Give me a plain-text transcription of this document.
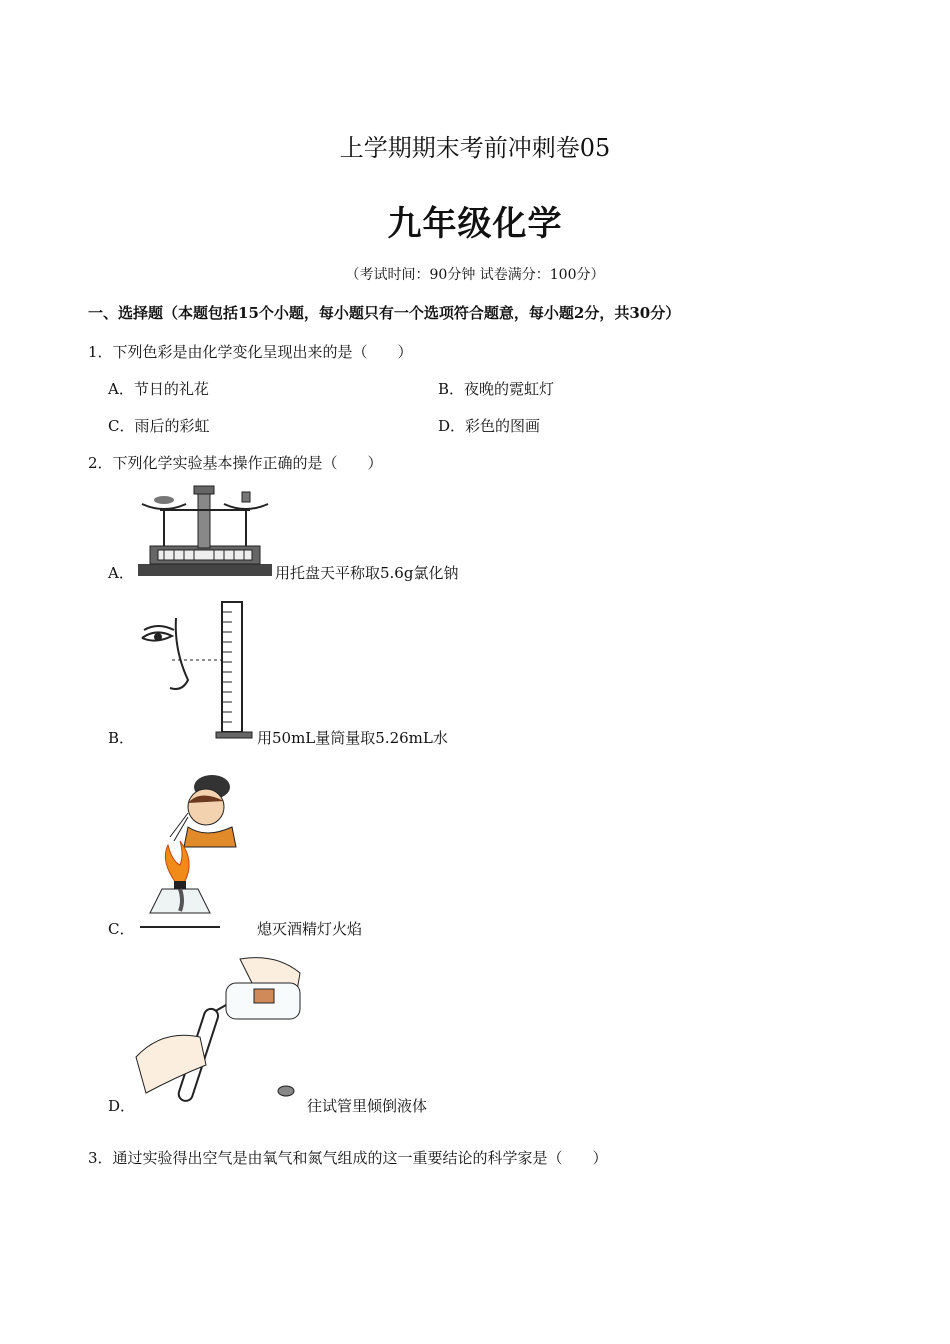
上学期期末考前冲刺卷05
九年级化学
（考试时间：90分钟 试卷满分：100分）
一、选择题（本题包括15个小题，每小题只有一个选项符合题意，每小题2分，共30分）
1．下列色彩是由化学变化呈现出来的是（　　）
A．节日的礼花	B．夜晚的霓虹灯
C．雨后的彩虹	D．彩色的图画
2．下列化学实验基本操作正确的是（　　）
A．	用托盘天平称取5.6g氯化钠
B．	用50mL量筒量取5.26mL水
C．	熄灭酒精灯火焰
D．	往试管里倾倒液体
3．通过实验得出空气是由氧气和氮气组成的这一重要结论的科学家是（　　）
